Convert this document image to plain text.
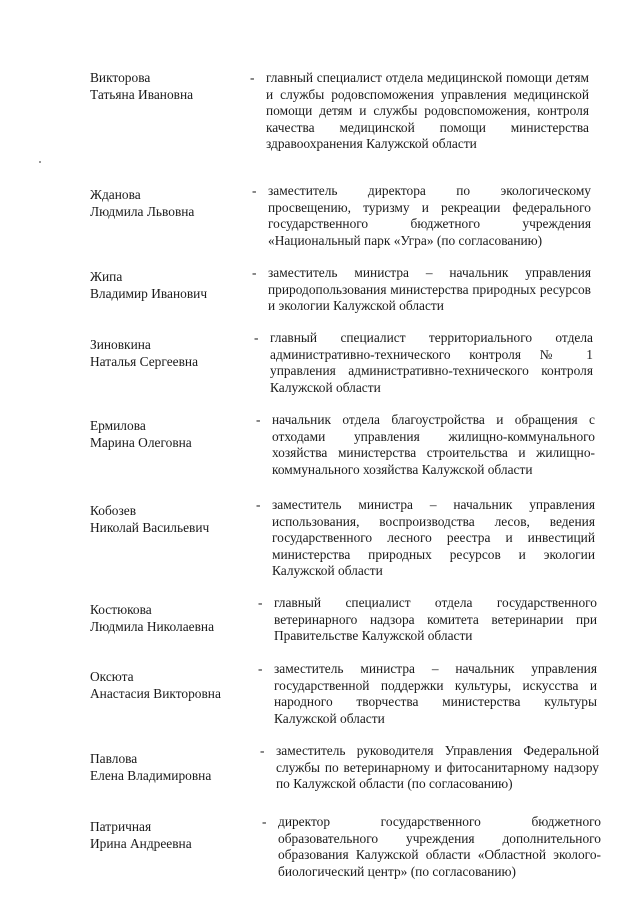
Викторова
Татьяна Ивановна
- главный специалист отдела медицинской помощи детям и службы родовспоможения управления медицинской помощи детям и службы родовспоможения, контроля качества медицинской помощи министерства здравоохранения Калужской области
Жданова
Людмила Львовна
- заместитель директора по экологическому просвещению, туризму и рекреации федерального государственного бюджетного учреждения «Национальный парк «Угра» (по согласованию)
Жипа
Владимир Иванович
- заместитель министра – начальник управления природопользования министерства природных ресурсов и экологии Калужской области
Зиновкина
Наталья Сергеевна
- главный специалист территориального отдела административно-технического контроля № 1 управления административно-технического контроля Калужской области
Ермилова
Марина Олеговна
- начальник отдела благоустройства и обращения с отходами управления жилищно-коммунального хозяйства министерства строительства и жилищно-коммунального хозяйства Калужской области
Кобозев
Николай Васильевич
- заместитель министра – начальник управления использования, воспроизводства лесов, ведения государственного лесного реестра и инвестиций министерства природных ресурсов и экологии Калужской области
Костюкова
Людмила Николаевна
- главный специалист отдела государственного ветеринарного надзора комитета ветеринарии при Правительстве Калужской области
Оксюта
Анастасия Викторовна
- заместитель министра – начальник управления государственной поддержки культуры, искусства и народного творчества министерства культуры Калужской области
Павлова
Елена Владимировна
- заместитель руководителя Управления Федеральной службы по ветеринарному и фитосанитарному надзору по Калужской области (по согласованию)
Патричная
Ирина Андреевна
- директор государственного бюджетного образовательного учреждения дополнительного образования Калужской области «Областной эколого-биологический центр» (по согласованию)
